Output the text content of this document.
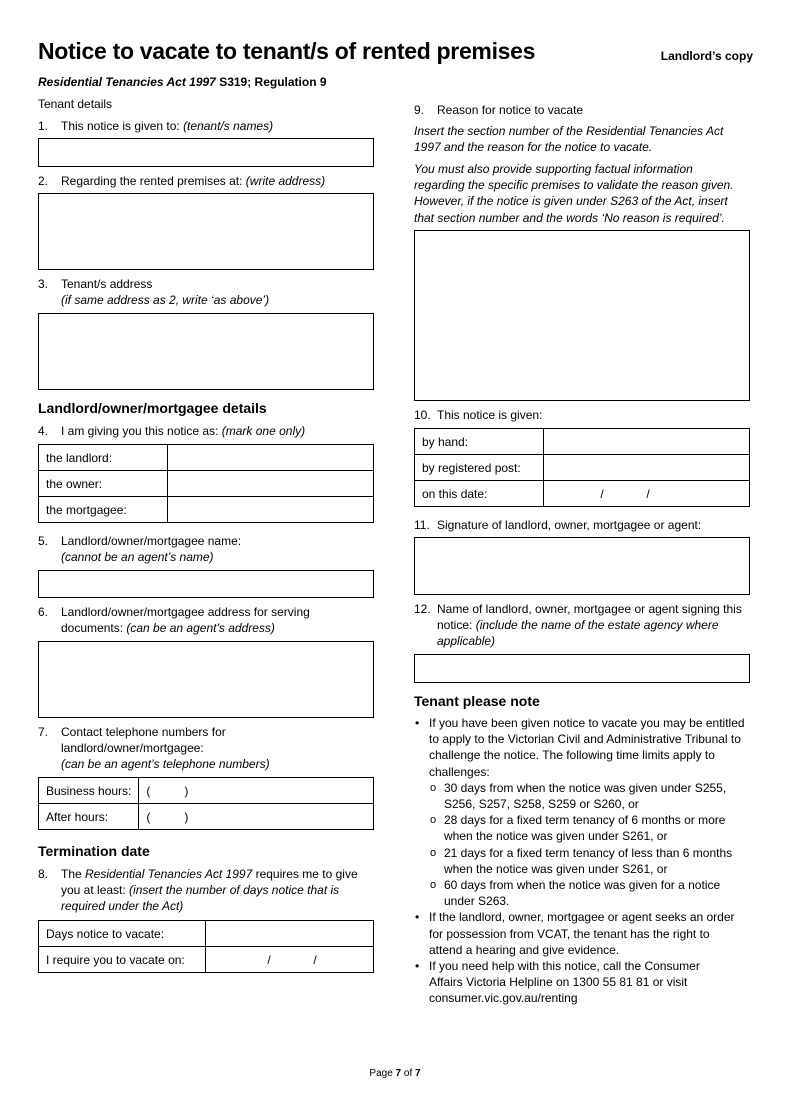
Notice to vacate to tenant/s of rented premises	Landlord’s copy
Residential Tenancies Act 1997 S319; Regulation 9
Tenant details
1. This notice is given to: (tenant/s names)
2. Regarding the rented premises at: (write address)
3. Tenant/s address
(if same address as 2, write ‘as above’)
Landlord/owner/mortgagee details
4. I am giving you this notice as: (mark one only)
the landlord:	
the owner:	
the mortgagee:	
5. Landlord/owner/mortgagee name:
(cannot be an agent’s name)
6. Landlord/owner/mortgagee address for serving
documents: (can be an agent’s address)
7. Contact telephone numbers for
landlord/owner/mortgagee:
(can be an agent’s telephone numbers)
Business hours:	( )
After hours:	( )
Termination date
8. The Residential Tenancies Act 1997 requires me to give
you at least: (insert the number of days notice that is
required under the Act)
Days notice to vacate:	
I require you to vacate on:	/ /
9. Reason for notice to vacate
Insert the section number of the Residential Tenancies Act
1997 and the reason for the notice to vacate.
You must also provide supporting factual information
regarding the specific premises to validate the reason given.
However, if the notice is given under S263 of the Act, insert
that section number and the words ‘No reason is required’.
10. This notice is given:
by hand:	
by registered post:	
on this date:	/ /
11. Signature of landlord, owner, mortgagee or agent:
12. Name of landlord, owner, mortgagee or agent signing this
notice: (include the name of the estate agency where
applicable)
Tenant please note
• If you have been given notice to vacate you may be entitled
to apply to the Victorian Civil and Administrative Tribunal to
challenge the notice. The following time limits apply to
challenges:
o 30 days from when the notice was given under S255,
S256, S257, S258, S259 or S260, or
o 28 days for a fixed term tenancy of 6 months or more
when the notice was given under S261, or
o 21 days for a fixed term tenancy of less than 6 months
when the notice was given under S261, or
o 60 days from when the notice was given for a notice
under S263.
• If the landlord, owner, mortgagee or agent seeks an order
for possession from VCAT, the tenant has the right to
attend a hearing and give evidence.
• If you need help with this notice, call the Consumer
Affairs Victoria Helpline on 1300 55 81 81 or visit
consumer.vic.gov.au/renting
Page 7 of 7
